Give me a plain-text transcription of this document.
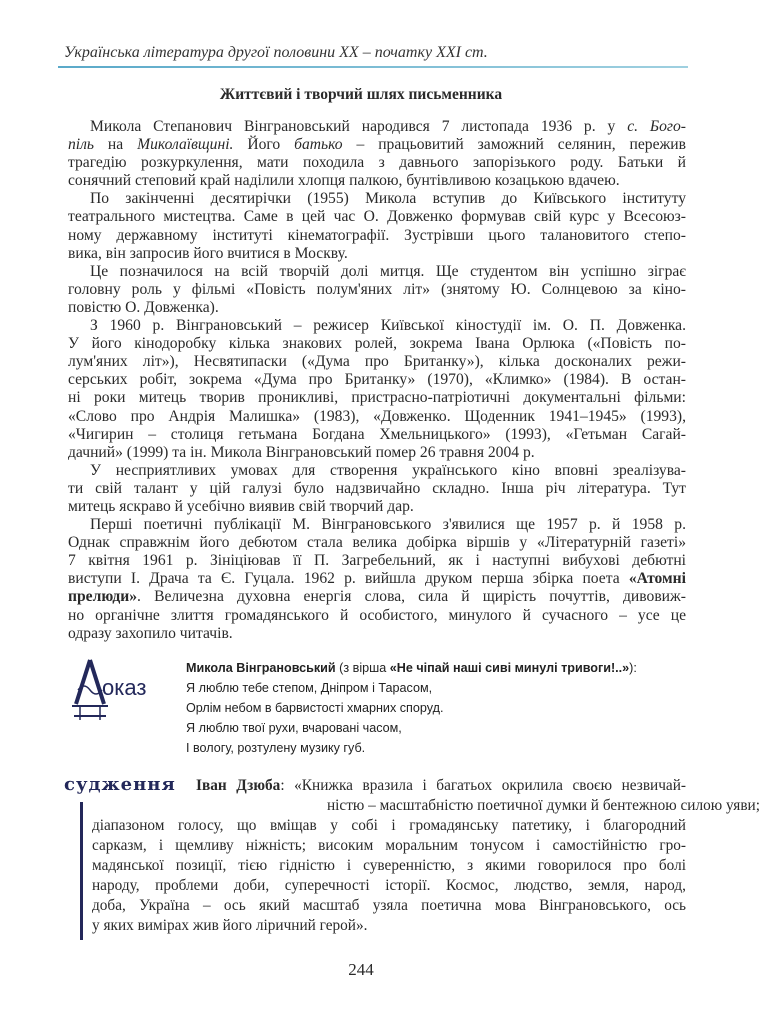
Українська література другої половини XX – початку XXI ст.
Життєвий і творчий шлях письменника
Микола Степанович Вінграновський народився 7 листопада 1936 р. у с. Бого-
піль на Миколаївщині. Його батько – працьовитий заможний селянин, пережив
трагедію розкуркулення, мати походила з давнього запорізького роду. Батьки й
сонячний степовий край надiлили хлопця палкою, бунтівливою козацькою вдачею.
По закінченні десятирічки (1955) Микола вступив до Київського інституту
театрального мистецтва. Саме в цей час О. Довженко формував свій курс у Всесоюз-
ному державному інституті кінематографії. Зустрівши цього талановитого степо-
вика, він запросив його вчитися в Москву.
Це позначилося на всій творчій долі митця. Ще студентом він успішно зіграє
головну роль у фільмі «Повість полум'яних літ» (знятому Ю. Солнцевою за кіно-
повістю О. Довженка).
З 1960 р. Вінграновський – режисер Київської кіностудії ім. О. П. Довженка.
У його кінодоробку кілька знакових ролей, зокрема Івана Орлюка («Повість по-
лум'яних літ»), Несвятипаски («Дума про Британку»), кілька досконалих режи-
серських робіт, зокрема «Дума про Британку» (1970), «Климко» (1984). В остан-
ні роки митець творив проникливі, пристрасно-патріотичні документальні фільми:
«Слово про Андрія Малишка» (1983), «Довженко. Щоденник 1941–1945» (1993),
«Чигирин – столиця гетьмана Богдана Хмельницького» (1993), «Гетьман Сагай-
дачний» (1999) та ін. Микола Вінграновський помер 26 травня 2004 р.
У несприятливих умовах для створення українського кіно вповні зреалізува-
ти свій талант у цій галузі було надзвичайно складно. Інша річ література. Тут
митець яскраво й усебічно виявив свій творчий дар.
Перші поетичні публікації М. Вінграновського з'явилися ще 1957 р. й 1958 р.
Однак справжнім його дебютом стала велика добірка віршів у «Літературній газеті»
7 квітня 1961 р. Зініціював її П. Загребельний, як і наступні вибухові дебютні
виступи І. Драча та Є. Гуцала. 1962 р. вийшла друком перша збірка поета «Атомні
прелюди». Величезна духовна енергія слова, сила й щирість почуттів, дивовиж-
но органічне злиття громадянського й особистого, минулого й сучасного – усе це
одразу захопило читачів.
оказ
Микола Вінграновський (з вірша «Не чіпай наші сиві минулі тривоги!..»):
Я люблю тебе степом, Дніпром і Тарасом,
Орлім небом в барвистості хмарних споруд.
Я люблю твої рухи, вчаровані часом,
І вологу, розтулену музику губ.
судження	Іван Дзюба: «Книжка вразила і багатьох окрилила своєю незвичай-
ністю – масштабністю поетичної думки й бентежною силою уяви;
діапазоном голосу, що вміщав у собі і громадянську патетику, і благородний
сарказм, і щемливу ніжність; високим моральним тонусом і самостійністю гро-
мадянської позиції, тією гідністю і суверенністю, з якими говорилося про болі
народу, проблеми доби, суперечності історії. Космос, людство, земля, народ,
доба, Україна – ось який масштаб узяла поетична мова Вінграновського, ось
у яких вимірах жив його ліричний герой».
244
